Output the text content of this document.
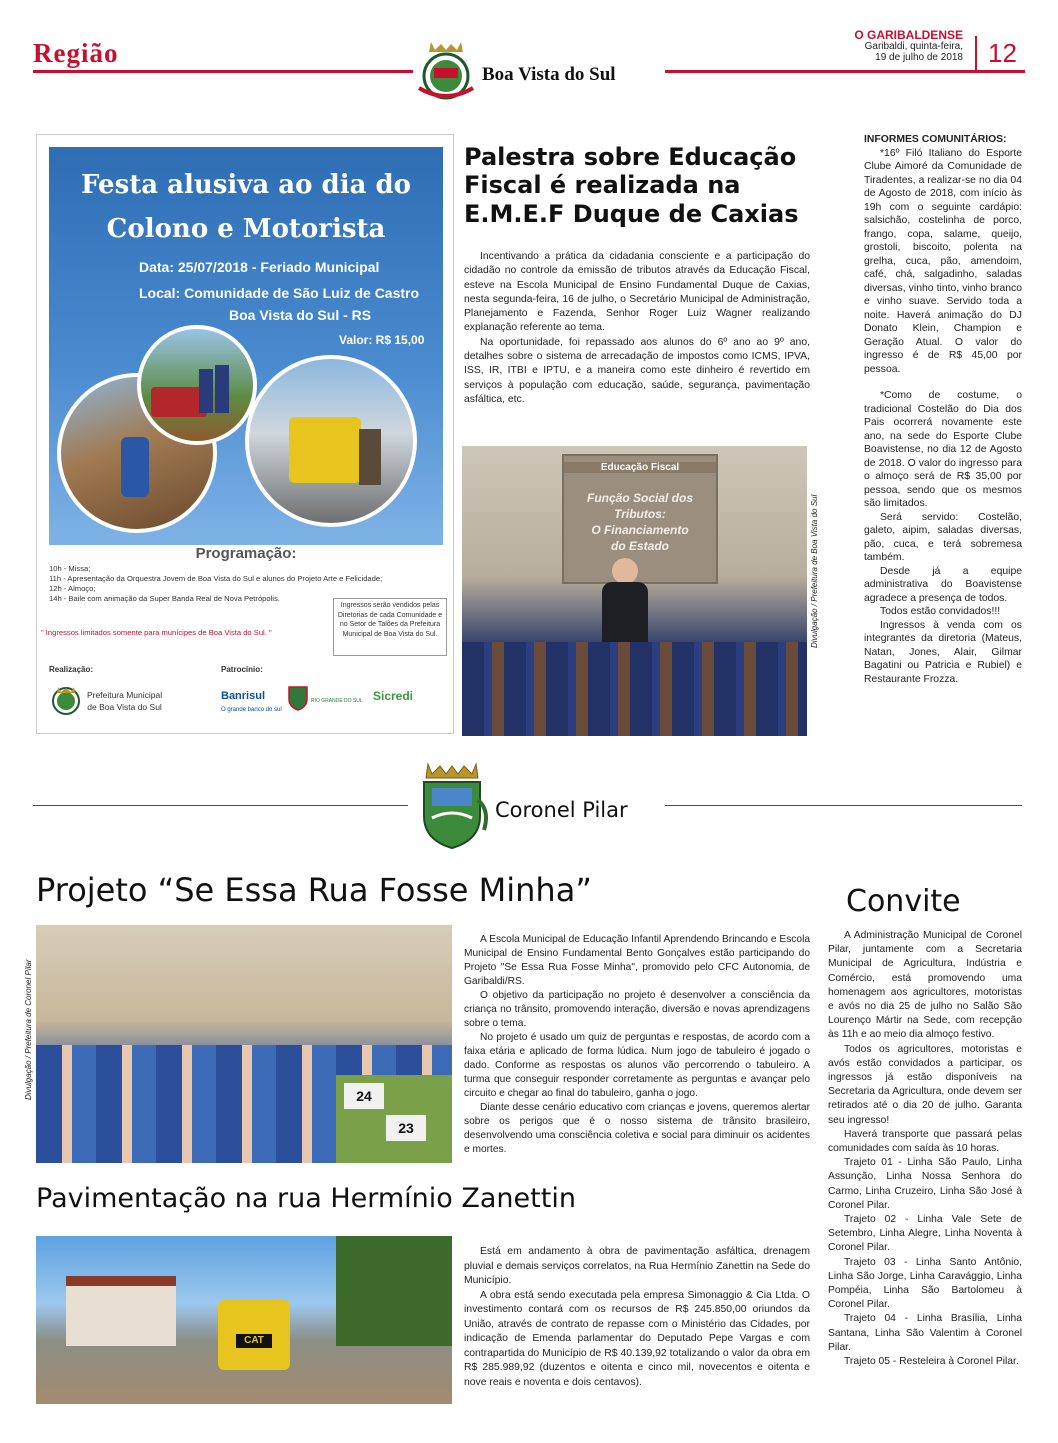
Região
O GARIBALDENSE
Garibaldi, quinta-feira,
19 de julho de 2018 12
Boa Vista do Sul
Festa alusiva ao dia do
Colono e Motorista
Data: 25/07/2018 - Feriado Municipal
Local: Comunidade de São Luiz de Castro
Boa Vista do Sul - RS
Valor: R$ 15,00
Programação:
10h - Missa;
11h - Apresentação da Orquestra Jovem de Boa Vista do Sul e alunos do Projeto Arte e Felicidade;
12h - Almoço;
14h - Baile com animação da Super Banda Real de Nova Petrópolis.
" Ingressos limitados somente para munícipes de Boa Vista do Sul. "
Ingressos serão vendidos pelas Diretorias de cada Comunidade e no Setor de Talões da Prefeitura Municipal de Boa Vista do Sul.
Realização:
Prefeitura Municipal
de Boa Vista do Sul
Patrocínio:
Banrisul
O grande banco do sul
RIO GRANDE DO SUL Sicredi
Palestra sobre Educação Fiscal é realizada na E.M.E.F Duque de Caxias

Incentivando a prática da cidadania consciente e a participação do cidadão no controle da emissão de tributos através da Educação Fiscal, esteve na Escola Municipal de Ensino Fundamental Duque de Caxias, nesta segunda-feira, 16 de julho, o Secretário Municipal de Administração, Planejamento e Fazenda, Senhor Roger Luiz Wagner realizando explanação referente ao tema.

Na oportunidade, foi repassado aos alunos do 6º ano ao 9º ano, detalhes sobre o sistema de arrecadação de impostos como ICMS, IPVA, ISS, IR, ITBI e IPTU, e a maneira como este dinheiro é revertido em serviços à população com educação, saúde, segurança, pavimentação asfáltica, etc.

Educação Fiscal
Função Social dos
Tributos:
O Financiamento
do Estado	Divulgação / Prefeitura de Boa Vista do Sul

INFORMES COMUNITÁRIOS:

*16º Filó Italiano do Esporte Clube Aimoré da Comunidade de Tiradentes, a realizar-se no dia 04 de Agosto de 2018, com início às 19h com o seguinte cardápio: salsichão, costelinha de porco, frango, copa, salame, queijo, grostoli, biscoito, polenta na grelha, cuca, pão, amendoim, café, chá, salgadinho, saladas diversas, vinho tinto, vinho branco e vinho suave. Servido toda a noite. Haverá animação do DJ Donato Klein, Champion e Geração Atual. O valor do ingresso é de R$ 45,00 por pessoa.

*Como de costume, o tradicional Costelão do Dia dos Pais ocorrerá novamente este ano, na sede do Esporte Clube Boavistense, no dia 12 de Agosto de 2018. O valor do ingresso para o almoço será de R$ 35,00 por pessoa, sendo que os mesmos são limitados.

Será servido: Costelão, galeto, aipim, saladas diversas, pão, cuca, e terá sobremesa também.

Desde já a equipe administrativa do Boavistense agradece a presença de todos.

Todos estão convidados!!!

Ingressos à venda com os integrantes da diretoria (Mateus, Natan, Jones, Alair, Gilmar Bagatini ou Patricia e Rubiel) e Restaurante Frozza.

Coronel Pilar
Projeto “Se Essa Rua Fosse Minha”
Divulgação / Prefeitura de Coronel Pilar	24
23

A Escola Municipal de Educação Infantil Aprendendo Brincando e Escola Municipal de Ensino Fundamental Bento Gonçalves estão participando do Projeto "Se Essa Rua Fosse Minha", promovido pelo CFC Autonomia, de Garibaldi/RS.

O objetivo da participação no projeto é desenvolver a consciência da criança no trânsito, promovendo interação, diversão e novas aprendizagens sobre o tema.

No projeto é usado um quiz de perguntas e respostas, de acordo com a faixa etária e aplicado de forma lúdica. Num jogo de tabuleiro é jogado o dado. Conforme as respostas os alunos vão percorrendo o tabuleiro. A turma que conseguir responder corretamente as perguntas e avançar pelo circuito e chegar ao final do tabuleiro, ganha o jogo.

Diante desse cenário educativo com crianças e jovens, queremos alertar sobre os perigos que é o nosso sistema de trânsito brasileiro, desenvolvendo uma consciência coletiva e social para diminuir os acidentes e mortes.

Pavimentação na rua Hermínio Zanettin
CAT

Está em andamento à obra de pavimentação asfáltica, drenagem pluvial e demais serviços correlatos, na Rua Hermínio Zanettin na Sede do Município.

A obra está sendo executada pela empresa Simonaggio & Cia Ltda. O investimento contará com os recursos de R$ 245.850,00 oriundos da União, através de contrato de repasse com o Ministério das Cidades, por indicação de Emenda parlamentar do Deputado Pepe Vargas e com contrapartida do Município de R$ 40.139,92 totalizando o valor da obra em R$ 285.989,92 (duzentos e oitenta e cinco mil, novecentos e oitenta e nove reais e noventa e dois centavos).

Convite

A Administração Municipal de Coronel Pilar, juntamente com a Secretaria Municipal de Agricultura, Indústria e Comércio, está promovendo uma homenagem aos agricultores, motoristas e avós no dia 25 de julho no Salão São Lourenço Mártir na Sede, com recepção às 11h e ao meio dia almoço festivo.

Todos os agricultores, motoristas e avós estão convidados a participar, os ingressos já estão disponíveis na Secretaria da Agricultura, onde devem ser retirados até o dia 20 de julho. Garanta seu ingresso!

Haverá transporte que passará pelas comunidades com saída às 10 horas.

Trajeto 01 - Linha São Paulo, Linha Assunção, Linha Nossa Senhora do Carmo, Linha Cruzeiro, Linha São José à Coronel Pilar.

Trajeto 02 - Linha Vale Sete de Setembro, Linha Alegre, Linha Noventa à Coronel Pilar.

Trajeto 03 - Linha Santo Antônio, Linha São Jorge, Linha Caravággio, Linha Pompéia, Linha São Bartolomeu à Coronel Pilar.

Trajeto 04 - Linha Brasília, Linha Santana, Linha São Valentim à Coronel Pilar.

Trajeto 05 - Resteleira à Coronel Pilar.
